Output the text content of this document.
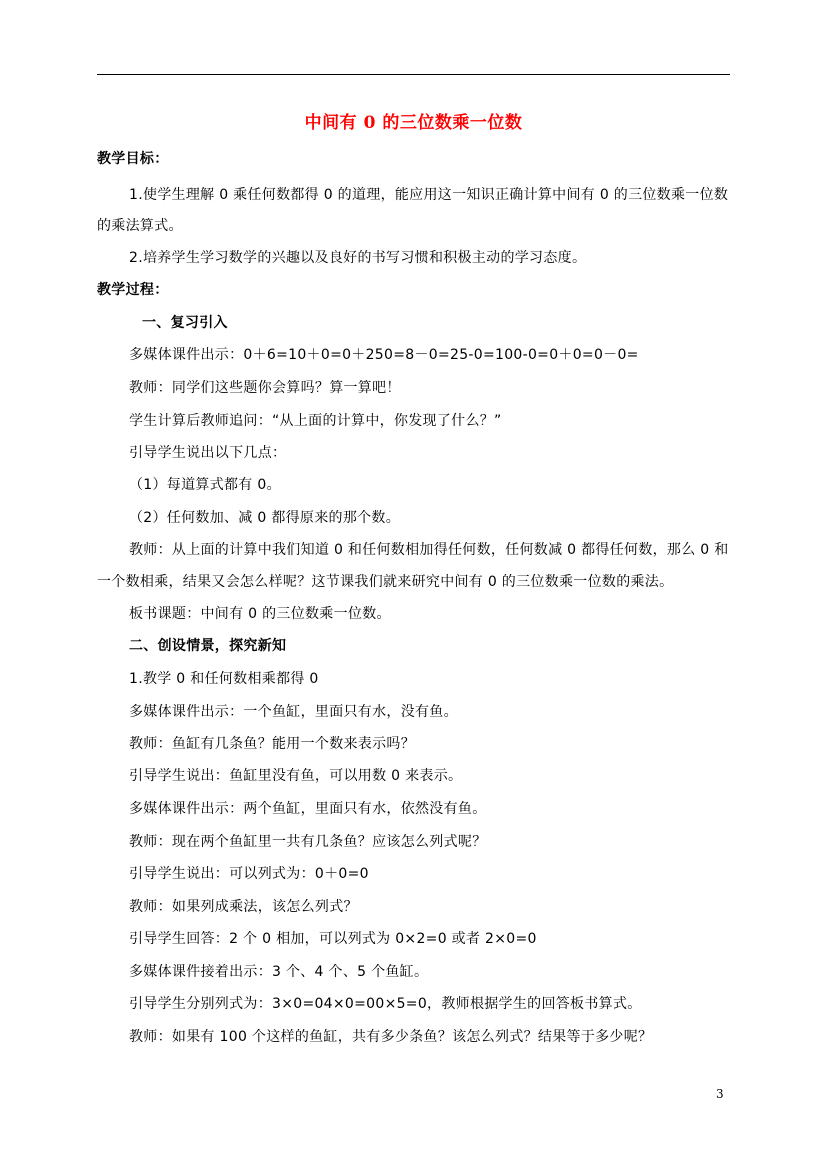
中间有 0 的三位数乘一位数
教学目标：
1.使学生理解 0 乘任何数都得 0 的道理，能应用这一知识正确计算中间有 0 的三位数乘一位数
的乘法算式。
2.培养学生学习数学的兴趣以及良好的书写习惯和积极主动的学习态度。
教学过程：
一、复习引入
多媒体课件出示：0＋6=10＋0=0＋250=8－0=25-0=100-0=0＋0=0－0=
教师：同学们这些题你会算吗？算一算吧！
学生计算后教师追问：“从上面的计算中，你发现了什么？”
引导学生说出以下几点：
（1）每道算式都有 0。
（2）任何数加、减 0 都得原来的那个数。
教师：从上面的计算中我们知道 0 和任何数相加得任何数，任何数减 0 都得任何数，那么 0 和
一个数相乘，结果又会怎么样呢？这节课我们就来研究中间有 0 的三位数乘一位数的乘法。
板书课题：中间有 0 的三位数乘一位数。
二、创设情景，探究新知
1.教学 0 和任何数相乘都得 0
多媒体课件出示：一个鱼缸，里面只有水，没有鱼。
教师：鱼缸有几条鱼？能用一个数来表示吗？
引导学生说出：鱼缸里没有鱼，可以用数 0 来表示。
多媒体课件出示：两个鱼缸，里面只有水，依然没有鱼。
教师：现在两个鱼缸里一共有几条鱼？应该怎么列式呢？
引导学生说出：可以列式为：0＋0=0
教师：如果列成乘法，该怎么列式？
引导学生回答：2 个 0 相加，可以列式为 0×2=0 或者 2×0=0
多媒体课件接着出示：3 个、4 个、5 个鱼缸。
引导学生分别列式为：3×0=04×0=00×5=0，教师根据学生的回答板书算式。
教师：如果有 100 个这样的鱼缸，共有多少条鱼？该怎么列式？结果等于多少呢？
3
